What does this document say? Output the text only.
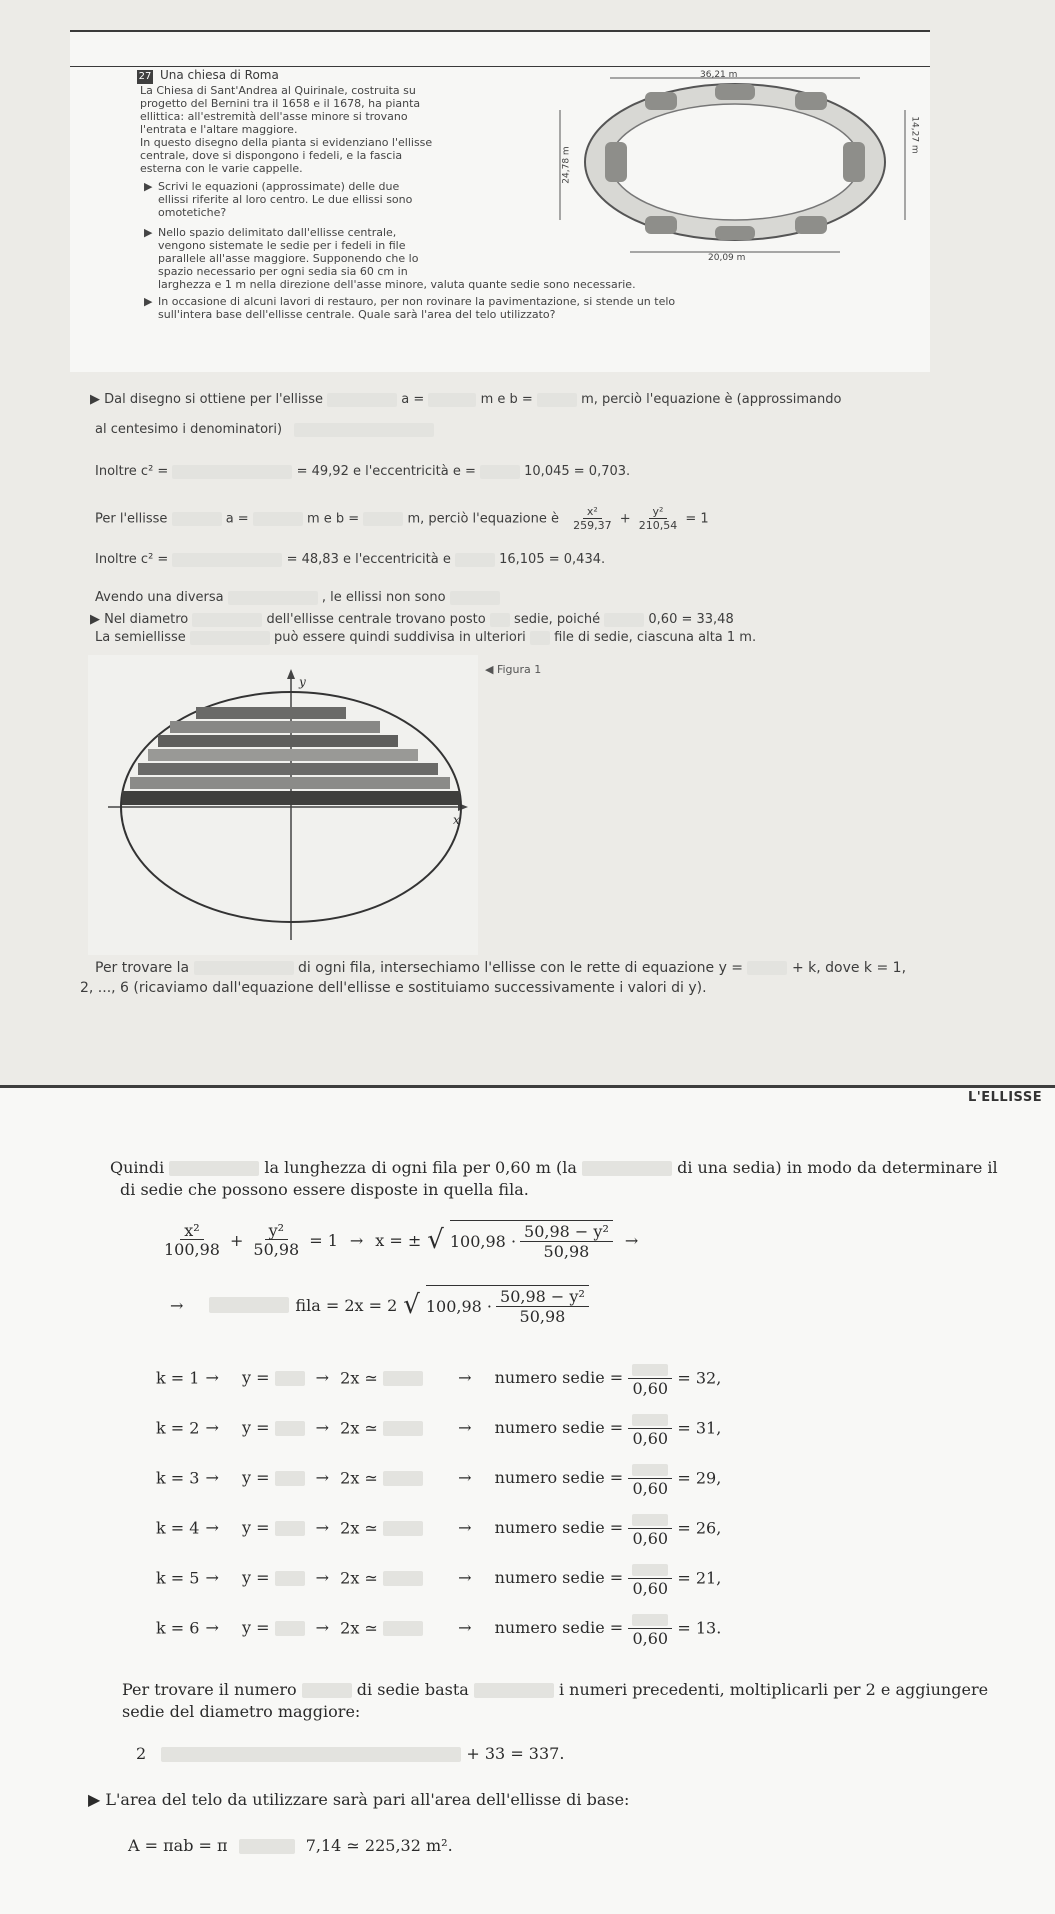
27 Una chiesa di Roma
La Chiesa di Sant'Andrea al Quirinale, costruita su
progetto del Bernini tra il 1658 e il 1678, ha pianta
ellittica: all'estremità dell'asse minore si trovano
l'entrata e l'altare maggiore.
In questo disegno della pianta si evidenziano l'ellisse
centrale, dove si dispongono i fedeli, e la fascia
esterna con le varie cappelle.
▶ Scrivi le equazioni (approssimate) delle due
ellissi riferite al loro centro. Le due ellissi sono
omotetiche?
▶ Nello spazio delimitato dall'ellisse centrale,
vengono sistemate le sedie per i fedeli in file
parallele all'asse maggiore. Supponendo che lo
spazio necessario per ogni sedia sia 60 cm in
larghezza e 1 m nella direzione dell'asse minore, valuta quante sedie sono necessarie.
▶ In occasione di alcuni lavori di restauro, per non rovinare la pavimentazione, si stende un telo
sull'intera base dell'ellisse centrale. Quale sarà l'area del telo utilizzato?
36,21 m
14,27 m
24,78 m
20,09 m
▶ Dal disegno si ottiene per l'ellisse	a =	m e b =	m, perciò l'equazione è (approssimando
al centesimo i denominatori)
Inoltre c² =	= 49,92 e l'eccentricità e =	10,045 = 0,703.
Per l'ellisse	a =	m e b =	m, perciò l'equazione è $\frac{\text{x²}}{259,37} + \frac{\text{y²}}{210,54} = 1$
Inoltre c² =	= 48,83 e l'eccentricità e	16,105 = 0,434.
Avendo una diversa	, le ellissi non sono
▶ Nel diametro	dell'ellisse centrale trovano posto sedie, poiché	0,60 = 33,48
La semiellisse	può essere quindi suddivisa in ulteriori file di sedie, ciascuna alta 1 m.
◀ Figura 1
y
x
Per trovare la	di ogni fila, intersechiamo l'ellisse con le rette di equazione y =	+ k, dove k = 1,
2, ..., 6 (ricaviamo dall'equazione dell'ellisse e sostituiamo successivamente i valori di y).
L'ELLISSE
Quindi	la lunghezza di ogni fila per 0,60 m (la	di una sedia) in modo da determinare il
di sedie che possono essere disposte in quella fila.
$\frac{\text{x²}}{100,98} + \frac{\text{y²}}{50,98} = 1 \to x$ = ± √ $100,98 \cdot \frac{\text{50,98 − y²}}{50,98}$ →
→	fila = 2x = 2 √ $100,98 \cdot \frac{\text{50,98 − y²}}{50,98}$
k = 1 → y =	→ 2x ≃	→ numero sedie =
0,60
= 32,
k = 2 → y =	→ 2x ≃	→ numero sedie =
0,60
= 31,
k = 3 → y =	→ 2x ≃	→ numero sedie =
0,60
= 29,
k = 4 → y =	→ 2x ≃	→ numero sedie =
0,60
= 26,
k = 5 → y =	→ 2x ≃	→ numero sedie =
0,60
= 21,
k = 6 → y =	→ 2x ≃	→ numero sedie =
0,60
= 13.
Per trovare il numero	di sedie basta	i numeri precedenti, moltiplicarli per 2 e aggiungere
sedie del diametro maggiore:
2	+ 33 = 337.
▶ L'area del telo da utilizzare sarà pari all'area dell'ellisse di base:
A = πab = π	7,14 ≃ 225,32 m².
